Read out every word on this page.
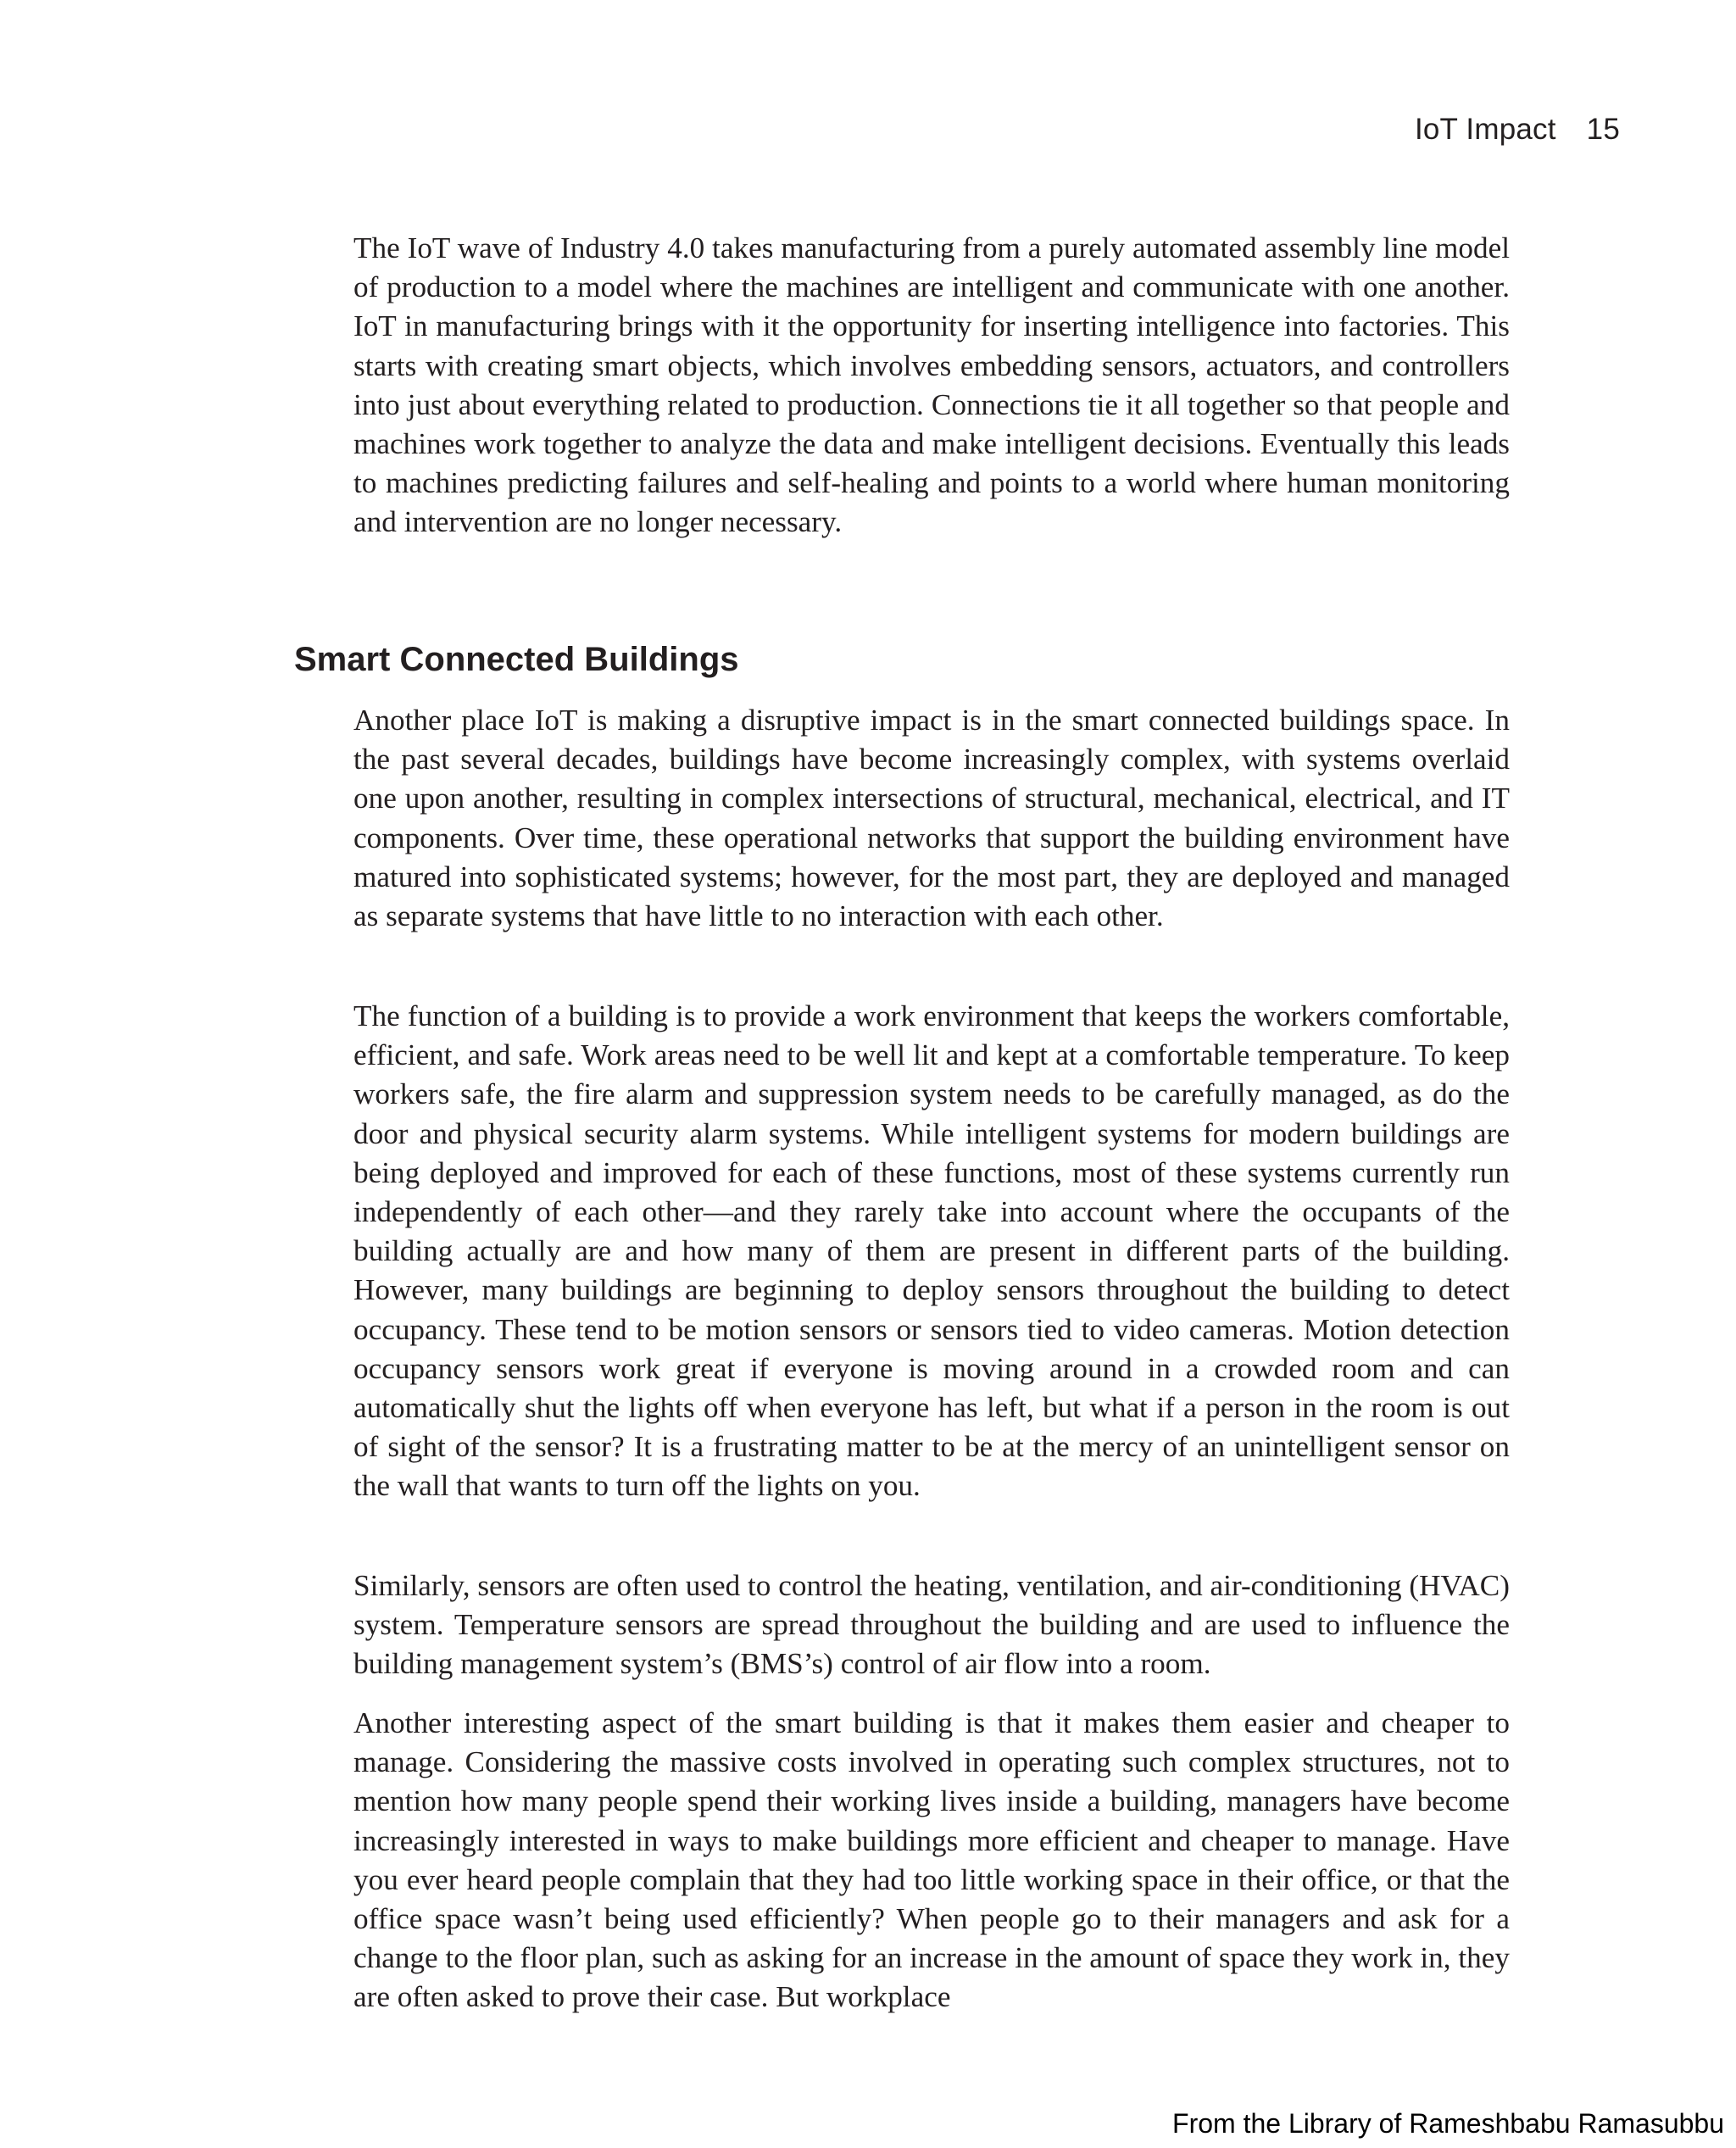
IoT Impact 15

The IoT wave of Industry 4.0 takes manufacturing from a purely automated assembly line model of production to a model where the machines are intelligent and communicate with one another. IoT in manufacturing brings with it the opportunity for inserting intelligence into factories. This starts with creating smart objects, which involves embedding sensors, actuators, and controllers into just about everything related to production. Connections tie it all together so that people and machines work together to analyze the data and make intelligent decisions. Eventually this leads to machines predicting failures and self-healing and points to a world where human monitoring and intervention are no longer necessary.

Smart Connected Buildings

Another place IoT is making a disruptive impact is in the smart connected buildings space. In the past several decades, buildings have become increasingly complex, with systems overlaid one upon another, resulting in complex intersections of structural, mechanical, electrical, and IT components. Over time, these operational networks that support the building environment have matured into sophisticated systems; however, for the most part, they are deployed and managed as separate systems that have little to no interaction with each other.

The function of a building is to provide a work environment that keeps the workers comfortable, efficient, and safe. Work areas need to be well lit and kept at a comfortable temperature. To keep workers safe, the fire alarm and suppression system needs to be carefully managed, as do the door and physical security alarm systems. While intelligent systems for modern buildings are being deployed and improved for each of these functions, most of these systems currently run independently of each other—and they rarely take into account where the occupants of the building actually are and how many of them are present in different parts of the building. However, many buildings are beginning to deploy sensors throughout the building to detect occupancy. These tend to be motion sensors or sensors tied to video cameras. Motion detection occupancy sensors work great if everyone is moving around in a crowded room and can automatically shut the lights off when everyone has left, but what if a person in the room is out of sight of the sensor? It is a frustrating matter to be at the mercy of an unintelligent sensor on the wall that wants to turn off the lights on you.

Similarly, sensors are often used to control the heating, ventilation, and air-conditioning (HVAC) system. Temperature sensors are spread throughout the building and are used to influence the building management system’s (BMS’s) control of air flow into a room.

Another interesting aspect of the smart building is that it makes them easier and cheaper to manage. Considering the massive costs involved in operating such complex structures, not to mention how many people spend their working lives inside a building, managers have become increasingly interested in ways to make buildings more efficient and cheaper to manage. Have you ever heard people complain that they had too little working space in their office, or that the office space wasn’t being used efficiently? When people go to their managers and ask for a change to the floor plan, such as asking for an increase in the amount of space they work in, they are often asked to prove their case. But workplace

From the Library of Rameshbabu Ramasubbu
